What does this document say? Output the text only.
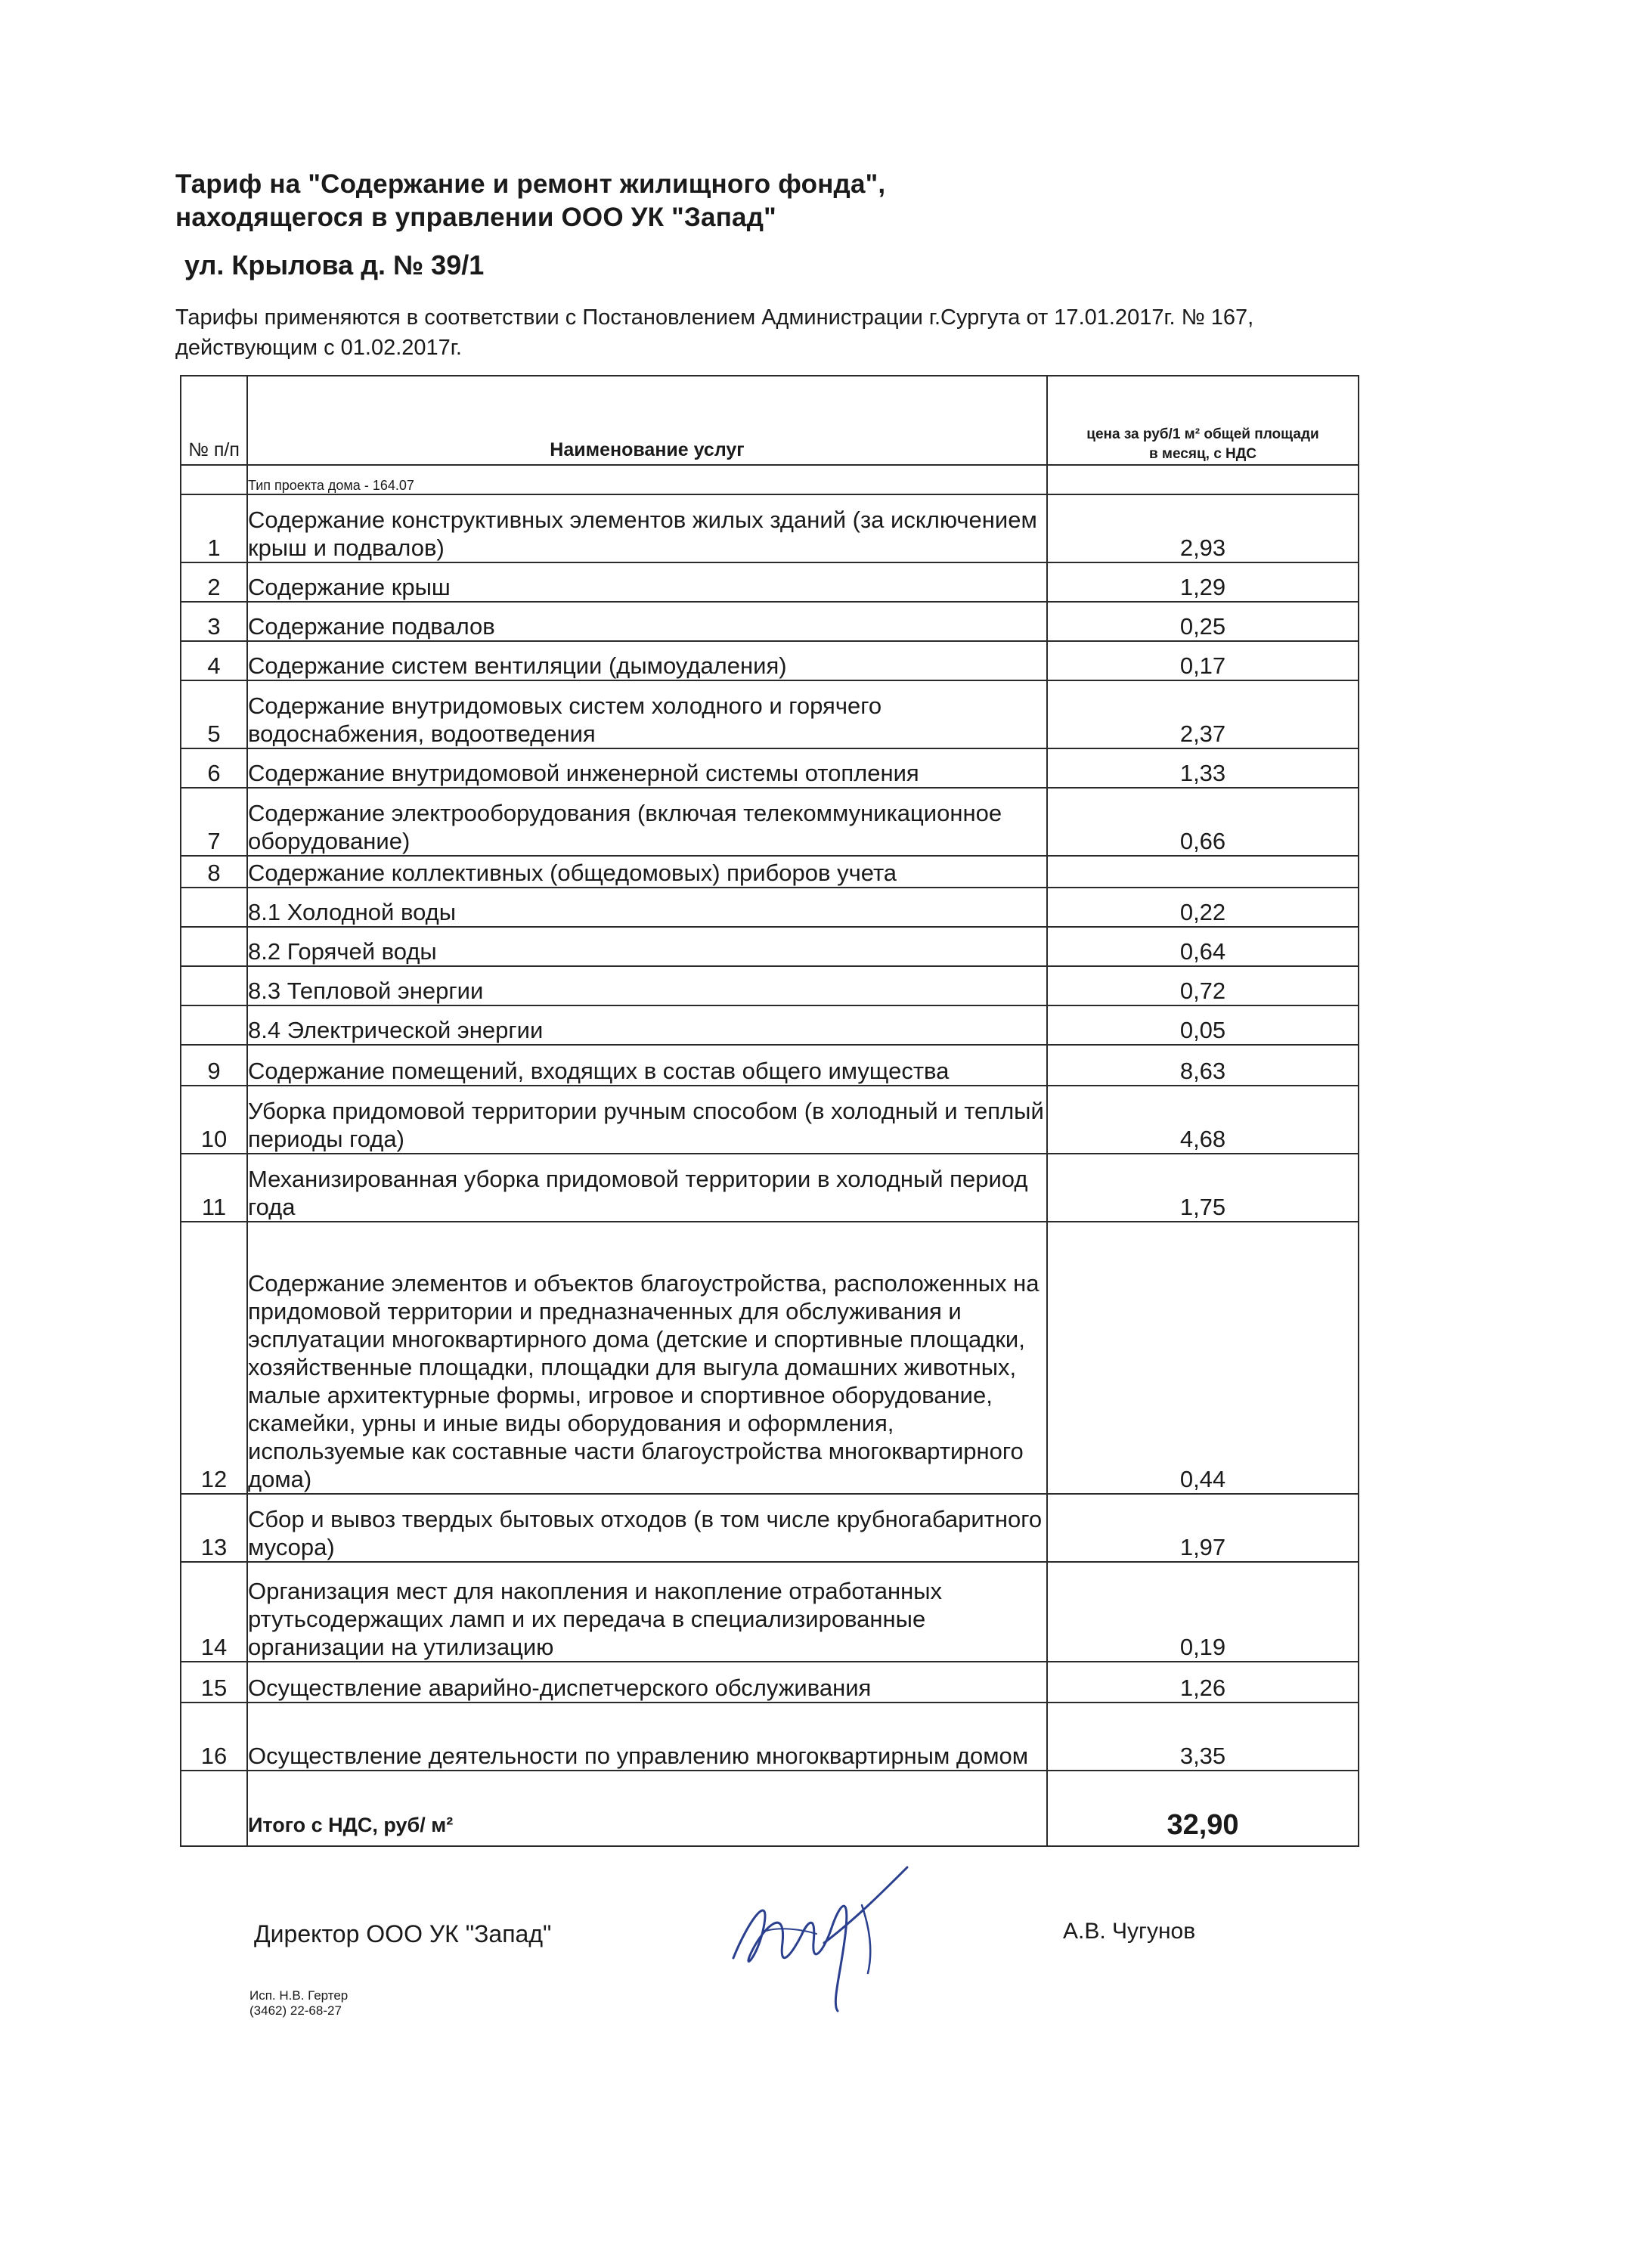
Тариф на "Содержание и ремонт жилищного фонда",
находящегося в управлении ООО УК "Запад"
ул. Крылова д. № 39/1
Тарифы применяются в соответствии с Постановлением Администрации г.Сургута от 17.01.2017г. № 167,
действующим с 01.02.2017г.
№ п/п	Наименование услуг	цена за руб/1 м² общей площади
в месяц, с НДС

	Тип проекта дома - 164.07	
1	Содержание конструктивных элементов жилых зданий (за исключением крыш и подвалов)	2,93
2	Содержание крыш	1,29
3	Содержание подвалов	0,25
4	Содержание систем вентиляции (дымоудаления)	0,17
5	Содержание внутридомовых систем холодного и горячего водоснабжения, водоотведения	2,37
6	Содержание внутридомовой инженерной системы отопления	1,33
7	Содержание электрооборудования (включая телекоммуникационное оборудование)	0,66
8	Содержание коллективных (общедомовых) приборов учета	
	8.1 Холодной воды	0,22
	8.2 Горячей воды	0,64
	8.3 Тепловой энергии	0,72
	8.4 Электрической энергии	0,05
9	Содержание помещений, входящих в состав общего имущества	8,63
10	Уборка придомовой территории ручным способом (в холодный и теплый периоды года)	4,68
11	Механизированная уборка придомовой территории в холодный период года	1,75
12	Содержание элементов и объектов благоустройства, расположенных на придомовой территории и предназначенных для обслуживания и эсплуатации многоквартирного дома (детские и спортивные площадки, хозяйственные площадки, площадки для выгула домашних животных, малые архитектурные формы, игровое и спортивное оборудование, скамейки, урны и иные виды оборудования и оформления, используемые как составные части благоустройства многоквартирного дома)	0,44
13	Сбор и вывоз твердых бытовых отходов (в том числе крубногабаритного мусора)	1,97
14	Организация мест для накопления и накопление отработанных ртутьсодержащих ламп и их передача в специализированные организации на утилизацию	0,19
15	Осуществление аварийно-диспетчерского обслуживания	1,26
16	Осуществление деятельности по управлению многоквартирным домом	3,35
	Итого с НДС, руб/ м²	32,90
Директор ООО УК "Запад"	А.В. Чугунов
Исп. Н.В. Гертер
(3462) 22-68-27
